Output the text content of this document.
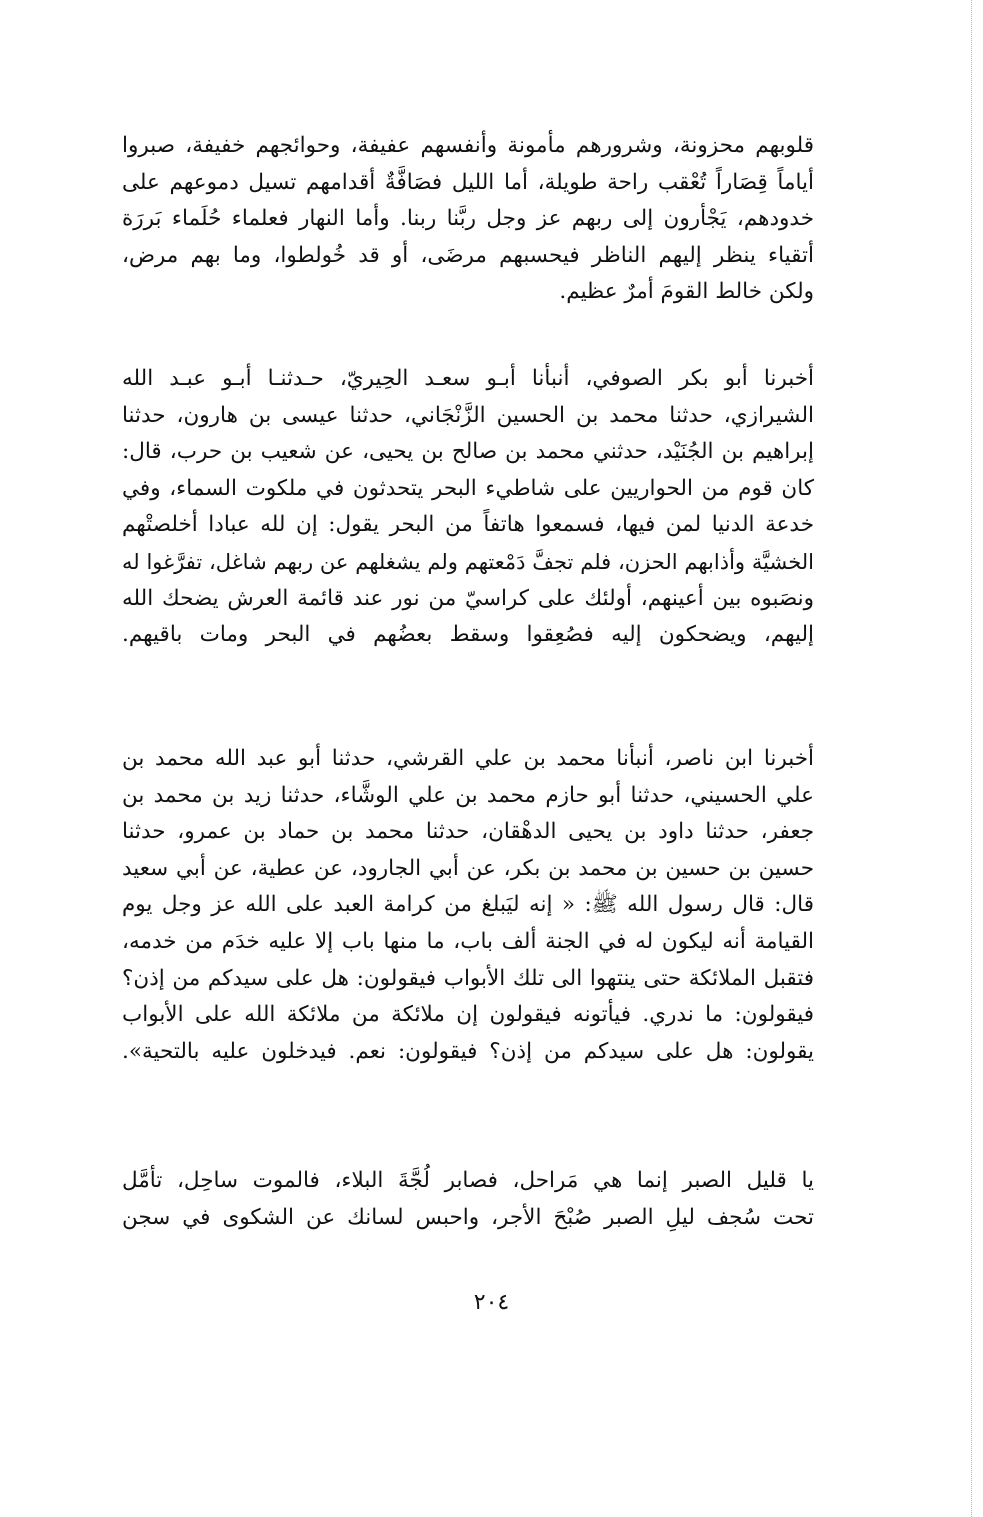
قلوبهم محزونة، وشرورهم مأمونة وأنفسهم عفيفة، وحوائجهم خفيفة، صبروا
أياماً قِصَاراً تُعْقب راحة طويلة، أما الليل فصَافَّةٌ أقدامهم تسيل دموعهم على
خدودهم، يَجْأرون إلى ربهم عز وجل ربَّنا ربنا. وأما النهار فعلماء حُلَماء بَررَة
أتقياء ينظر إليهم الناظر فيحسبهم مرضَى، أو قد خُولطوا، وما بهم مرض،
ولكن خالط القومَ أمرٌ عظيم.
أخبرنا أبو بكر الصوفي، أنبأنا أبـو سعـد الحِيريّ، حـدثنـا أبـو عبـد الله
الشيرازي، حدثنا محمد بن الحسين الزَّنْجَاني، حدثنا عيسى بن هارون، حدثنا
إبراهيم بن الجُنَيْد، حدثني محمد بن صالح بن يحيى، عن شعيب بن حرب، قال:
كان قوم من الحواريين على شاطيء البحر يتحدثون في ملكوت السماء، وفي
خدعة الدنيا لمن فيها، فسمعوا هاتفاً من البحر يقول: إن لله عبادا أخلصتْهم
الخشيَّة وأذابهم الحزن، فلم تجفَّ دَمْعتهم ولم يشغلهم عن ربهم شاغل، تفرَّغوا له
ونصَبوه بين أعينهم، أولئك على كراسيّ من نور عند قائمة العرش يضحك الله
إليهم، ويضحكون إليه فصُعِقوا وسقط بعضُهم في البحر ومات باقيهم.
أخبرنا ابن ناصر، أنبأنا محمد بن علي القرشي، حدثنا أبو عبد الله محمد بن
علي الحسيني، حدثنا أبو حازم محمد بن علي الوشَّاء، حدثنا زيد بن محمد بن
جعفر، حدثنا داود بن يحيى الدهْقان، حدثنا محمد بن حماد بن عمرو، حدثنا
حسين بن حسين بن محمد بن بكر، عن أبي الجارود، عن عطية، عن أبي سعيد
قال: قال رسول الله ﷺ: « إنه ليَبلغ من كرامة العبد على الله عز وجل يوم
القيامة أنه ليكون له في الجنة ألف باب، ما منها باب إلا عليه خدَم من خدمه،
فتقبل الملائكة حتى ينتهوا الى تلك الأبواب فيقولون: هل على سيدكم من إذن؟
فيقولون: ما ندري. فيأتونه فيقولون إن ملائكة من ملائكة الله على الأبواب
يقولون: هل على سيدكم من إذن؟ فيقولون: نعم. فيدخلون عليه بالتحية».
يا قليل الصبر إنما هي مَراحل، فصابر لُجَّةَ البلاء، فالموت ساحِل، تأمَّل
تحت سُجف ليلِ الصبر صُبْحَ الأجر، واحبس لسانك عن الشكوى في سجن
٢٠٤
